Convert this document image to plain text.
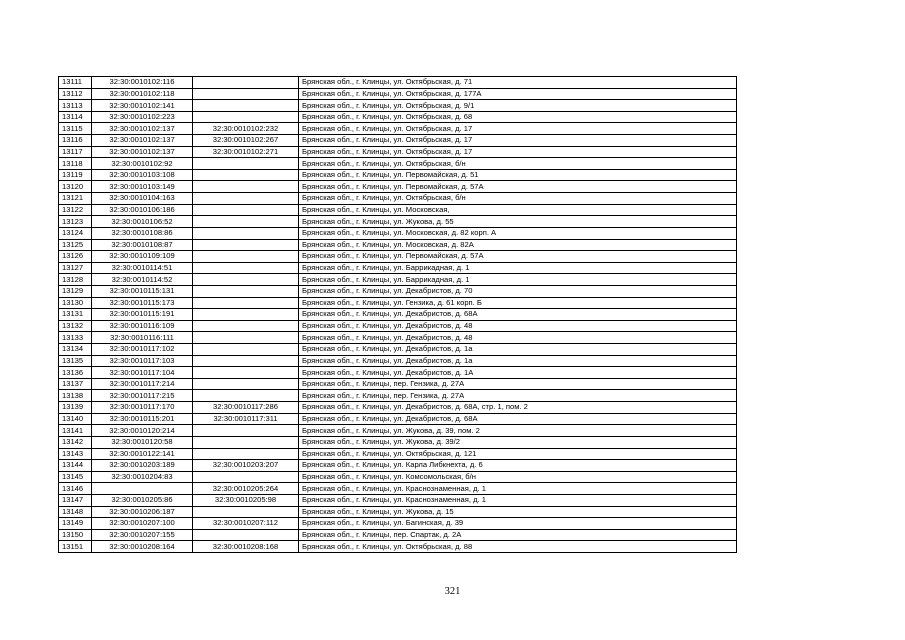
13111	32:30:0010102:116		Брянская обл., г. Клинцы, ул. Октябрьская, д. 71
13112	32:30:0010102:118		Брянская обл., г. Клинцы, ул. Октябрьская, д. 177А
13113	32:30:0010102:141		Брянская обл., г. Клинцы, ул. Октябрьская, д. 9/1
13114	32:30:0010102:223		Брянская обл., г. Клинцы, ул. Октябрьская, д. 68
13115	32:30:0010102:137	32:30:0010102:232	Брянская обл., г. Клинцы, ул. Октябрьская, д. 17
13116	32:30:0010102:137	32:30:0010102:267	Брянская обл., г. Клинцы, ул. Октябрьская, д. 17
13117	32:30:0010102:137	32:30:0010102:271	Брянская обл., г. Клинцы, ул. Октябрьская, д. 17
13118	32:30:0010102:92		Брянская обл., г. Клинцы, ул. Октябрьская, б/н
13119	32:30:0010103:108		Брянская обл., г. Клинцы, ул. Первомайская, д. 51
13120	32:30:0010103:149		Брянская обл., г. Клинцы, ул. Первомайская, д. 57А
13121	32:30:0010104:163		Брянская обл., г. Клинцы, ул. Октябрьская, б/н
13122	32:30:0010106:186		Брянская обл., г. Клинцы, ул. Московская,
13123	32:30:0010106:52		Брянская обл., г. Клинцы, ул. Жукова, д. 55
13124	32:30:0010108:86		Брянская обл., г. Клинцы, ул. Московская, д. 82 корп. А
13125	32:30:0010108:87		Брянская обл., г. Клинцы, ул. Московская, д. 82А
13126	32:30:0010109:109		Брянская обл., г. Клинцы, ул. Первомайская, д. 57А
13127	32:30:0010114:51		Брянская обл., г. Клинцы, ул. Баррикадная, д. 1
13128	32:30:0010114:52		Брянская обл., г. Клинцы, ул. Баррикадная, д. 1
13129	32:30:0010115:131		Брянская обл., г. Клинцы, ул. Декабристов, д. 70
13130	32:30:0010115:173		Брянская обл., г. Клинцы, ул. Гензика, д. 61 корп. Б
13131	32:30:0010115:191		Брянская обл., г. Клинцы, ул. Декабристов, д. 68А
13132	32:30:0010116:109		Брянская обл., г. Клинцы, ул. Декабристов, д. 48
13133	32:30:0010116:111		Брянская обл., г. Клинцы, ул. Декабристов, д. 48
13134	32:30:0010117:102		Брянская обл., г. Клинцы, ул. Декабристов, д. 1а
13135	32:30:0010117:103		Брянская обл., г. Клинцы, ул. Декабристов, д. 1а
13136	32:30:0010117:104		Брянская обл., г. Клинцы, ул. Декабристов, д. 1А
13137	32:30:0010117:214		Брянская обл., г. Клинцы, пер. Гензика, д. 27А
13138	32:30:0010117:215		Брянская обл., г. Клинцы, пер. Гензика, д. 27А
13139	32:30:0010117:170	32:30:0010117:286	Брянская обл., г. Клинцы, ул. Декабристов, д. 68А, стр. 1, пом. 2
13140	32:30:0010115:201	32:30:0010117:311	Брянская обл., г. Клинцы, ул. Декабристов, д. 68А
13141	32:30:0010120:214		Брянская обл., г. Клинцы, ул. Жукова, д. 39, пом. 2
13142	32:30:0010120:58		Брянская обл., г. Клинцы, ул. Жукова, д. 39/2
13143	32:30:0010122:141		Брянская обл., г. Клинцы, ул. Октябрьская, д. 121
13144	32:30:0010203:189	32:30:0010203:207	Брянская обл., г. Клинцы, ул. Карла Либкнехта, д. 6
13145	32:30:0010204:83		Брянская обл., г. Клинцы, ул. Комсомольская, б/н
13146		32:30:0010205:264	Брянская обл., г. Клинцы, ул. Краснознаменная, д. 1
13147	32:30:0010205:86	32:30:0010205:98	Брянская обл., г. Клинцы, ул. Краснознаменная, д. 1
13148	32:30:0010206:187		Брянская обл., г. Клинцы, ул. Жукова, д. 15
13149	32:30:0010207:100	32:30:0010207:112	Брянская обл., г. Клинцы, ул. Багинская, д. 39
13150	32:30:0010207:155		Брянская обл., г. Клинцы, пер. Спартак, д. 2А
13151	32:30:0010208:164	32:30:0010208:168	Брянская обл., г. Клинцы, ул. Октябрьская, д. 88
321
